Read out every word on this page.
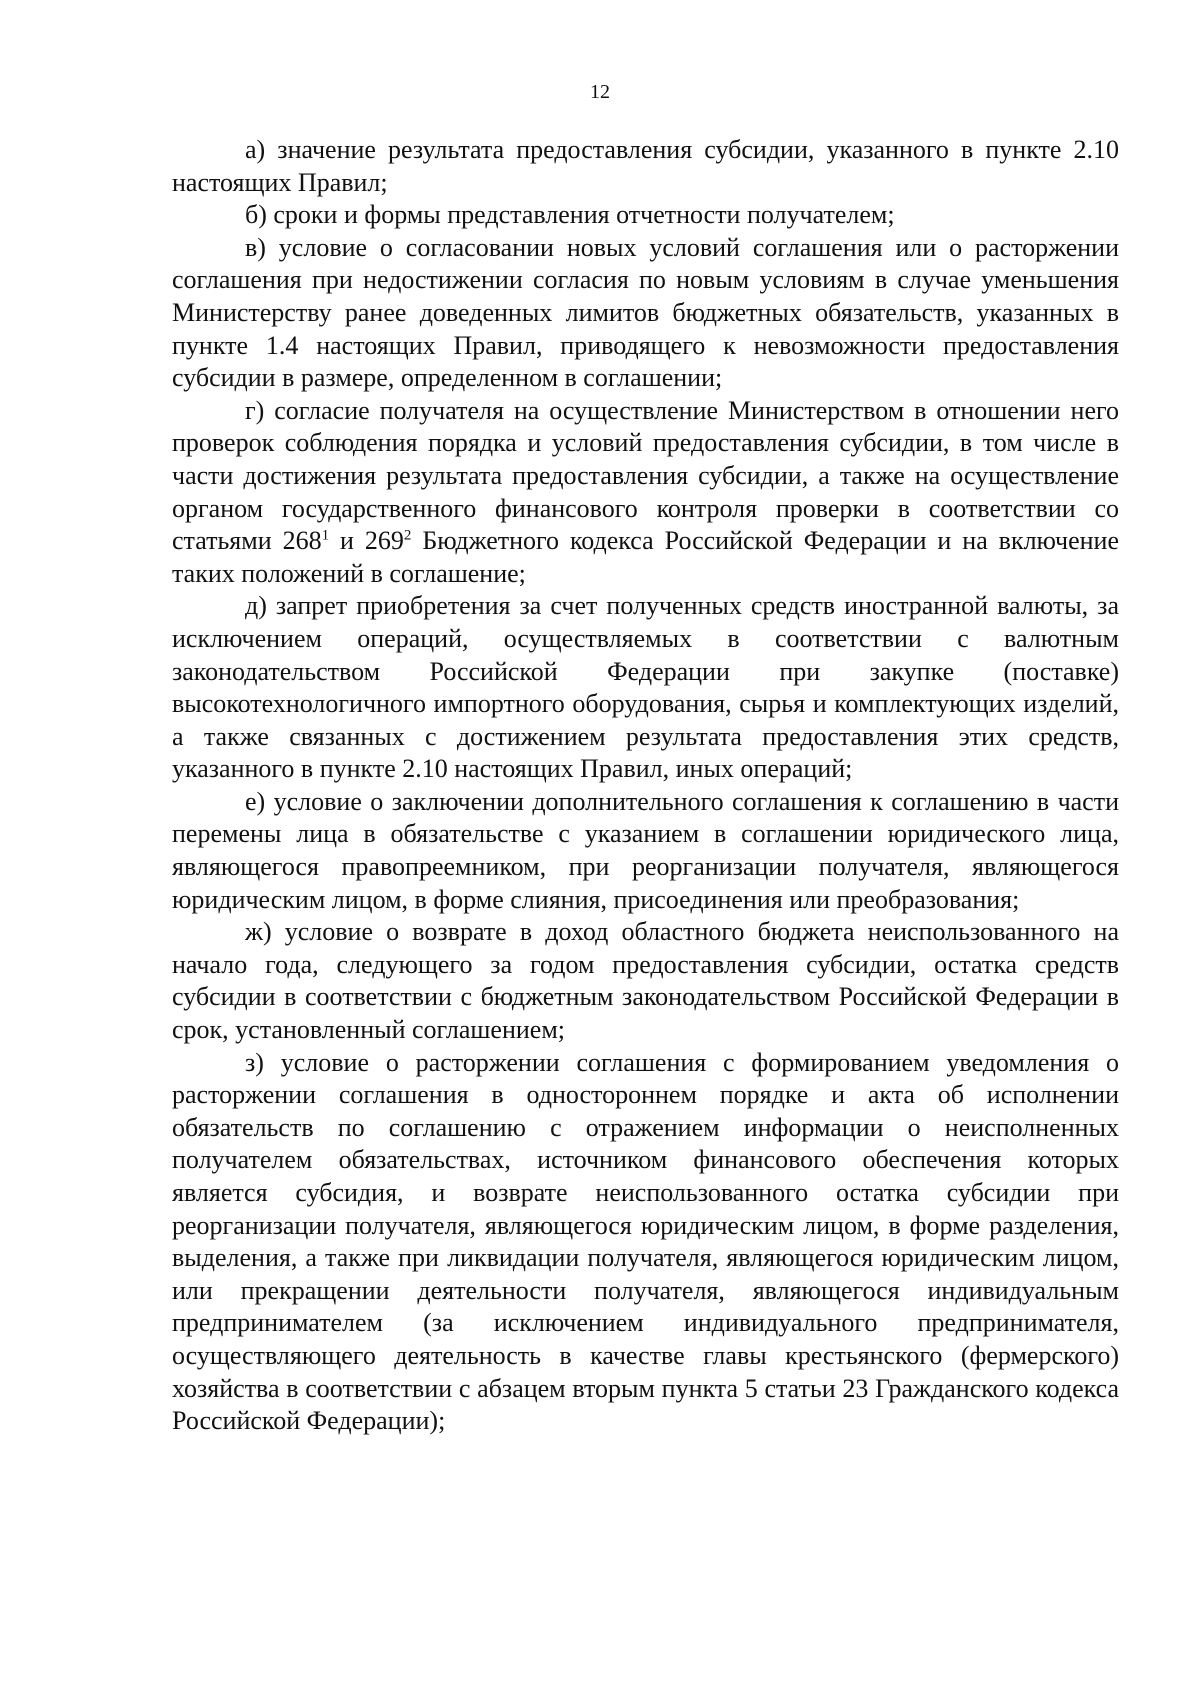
12

а) значение результата предоставления субсидии, указанного в пункте 2.10 настоящих Правил;

б) сроки и формы представления отчетности получателем;

в) условие о согласовании новых условий соглашения или о расторжении соглашения при недостижении согласия по новым условиям в случае уменьшения Министерству ранее доведенных лимитов бюджетных обязательств, указанных в пункте 1.4 настоящих Правил, приводящего к невозможности предоставления субсидии в размере, определенном в соглашении;

г) согласие получателя на осуществление Министерством в отношении него проверок соблюдения порядка и условий предоставления субсидии, в том числе в части достижения результата предоставления субсидии, а также на осуществление органом государственного финансового контроля проверки в соответствии со статьями $268^1$ и $269^2$ Бюджетного кодекса Российской Федерации и на включение таких положений в соглашение;

д) запрет приобретения за счет полученных средств иностранной валюты, за исключением операций, осуществляемых в соответствии с валютным законодательством Российской Федерации при закупке (поставке) высокотехнологичного импортного оборудования, сырья и комплектующих изделий, а также связанных с достижением результата предоставления этих средств, указанного в пункте 2.10 настоящих Правил, иных операций;

е) условие о заключении дополнительного соглашения к соглашению в части перемены лица в обязательстве с указанием в соглашении юридического лица, являющегося правопреемником, при реорганизации получателя, являющегося юридическим лицом, в форме слияния, присоединения или преобразования;

ж) условие о возврате в доход областного бюджета неиспользованного на начало года, следующего за годом предоставления субсидии, остатка средств субсидии в соответствии с бюджетным законодательством Российской Федерации в срок, установленный соглашением;

з) условие о расторжении соглашения с формированием уведомления о расторжении соглашения в одностороннем порядке и акта об исполнении обязательств по соглашению с отражением информации о неисполненных получателем обязательствах, источником финансового обеспечения которых является субсидия, и возврате неиспользованного остатка субсидии при реорганизации получателя, являющегося юридическим лицом, в форме разделения, выделения, а также при ликвидации получателя, являющегося юридическим лицом, или прекращении деятельности получателя, являющегося индивидуальным предпринимателем (за исключением индивидуального предпринимателя, осуществляющего деятельность в качестве главы крестьянского (фермерского) хозяйства в соответствии с абзацем вторым пункта 5 статьи 23 Гражданского кодекса Российской Федерации);
